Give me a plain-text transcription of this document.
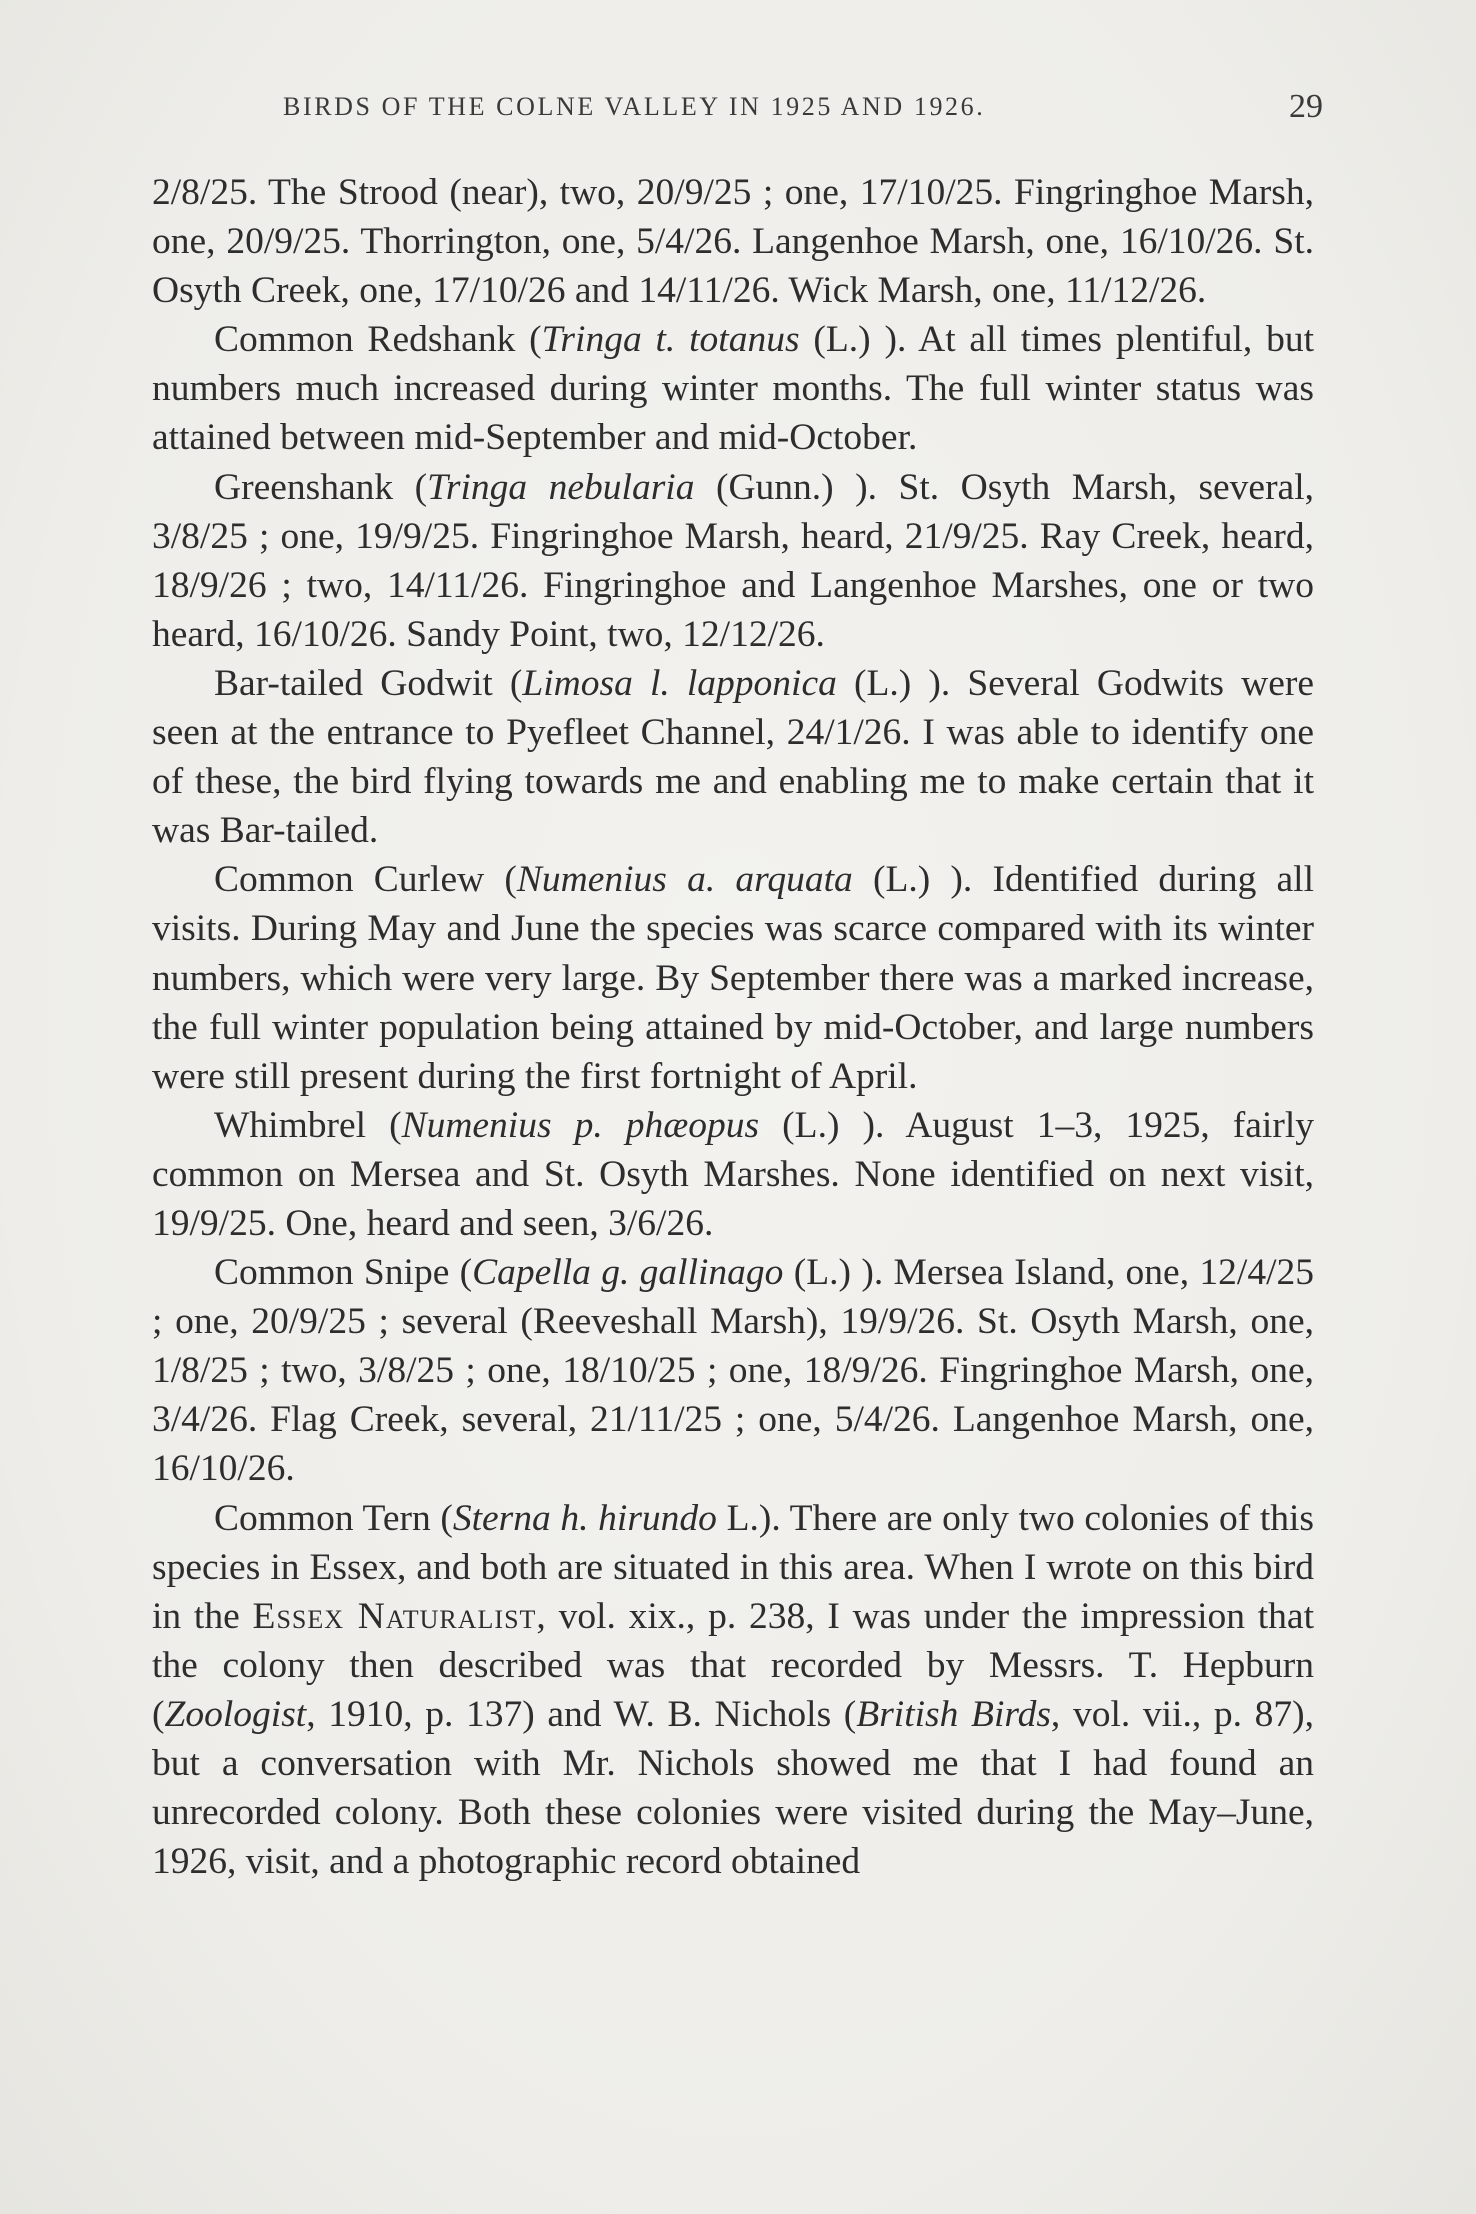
BIRDS OF THE COLNE VALLEY IN 1925 AND 1926.	29

2/8/25. The Strood (near), two, 20/9/25 ; one, 17/10/25. Fingringhoe Marsh, one, 20/9/25. Thorrington, one, 5/4/26. Langenhoe Marsh, one, 16/10/26. St. Osyth Creek, one, 17/10/26 and 14/11/26. Wick Marsh, one, 11/12/26.

Common Redshank (Tringa t. totanus (L.) ). At all times plentiful, but numbers much increased during winter months. The full winter status was attained between mid-September and mid-October.

Greenshank (Tringa nebularia (Gunn.) ). St. Osyth Marsh, several, 3/8/25 ; one, 19/9/25. Fingringhoe Marsh, heard, 21/9/25. Ray Creek, heard, 18/9/26 ; two, 14/11/26. Fingringhoe and Langenhoe Marshes, one or two heard, 16/10/26. Sandy Point, two, 12/12/26.

Bar-tailed Godwit (Limosa l. lapponica (L.) ). Several Godwits were seen at the entrance to Pyefleet Channel, 24/1/26. I was able to identify one of these, the bird flying towards me and enabling me to make certain that it was Bar-tailed.

Common Curlew (Numenius a. arquata (L.) ). Identified during all visits. During May and June the species was scarce compared with its winter numbers, which were very large. By September there was a marked increase, the full winter population being attained by mid-October, and large numbers were still present during the first fortnight of April.

Whimbrel (Numenius p. phæopus (L.) ). August 1–3, 1925, fairly common on Mersea and St. Osyth Marshes. None identified on next visit, 19/9/25. One, heard and seen, 3/6/26.

Common Snipe (Capella g. gallinago (L.) ). Mersea Island, one, 12/4/25 ; one, 20/9/25 ; several (Reeveshall Marsh), 19/9/26. St. Osyth Marsh, one, 1/8/25 ; two, 3/8/25 ; one, 18/10/25 ; one, 18/9/26. Fingringhoe Marsh, one, 3/4/26. Flag Creek, several, 21/11/25 ; one, 5/4/26. Langenhoe Marsh, one, 16/10/26.

Common Tern (Sterna h. hirundo L.). There are only two colonies of this species in Essex, and both are situated in this area. When I wrote on this bird in the Essex Naturalist, vol. xix., p. 238, I was under the impression that the colony then described was that recorded by Messrs. T. Hepburn (Zoologist, 1910, p. 137) and W. B. Nichols (British Birds, vol. vii., p. 87), but a conversation with Mr. Nichols showed me that I had found an unrecorded colony. Both these colonies were visited during the May–June, 1926, visit, and a photographic record obtained
